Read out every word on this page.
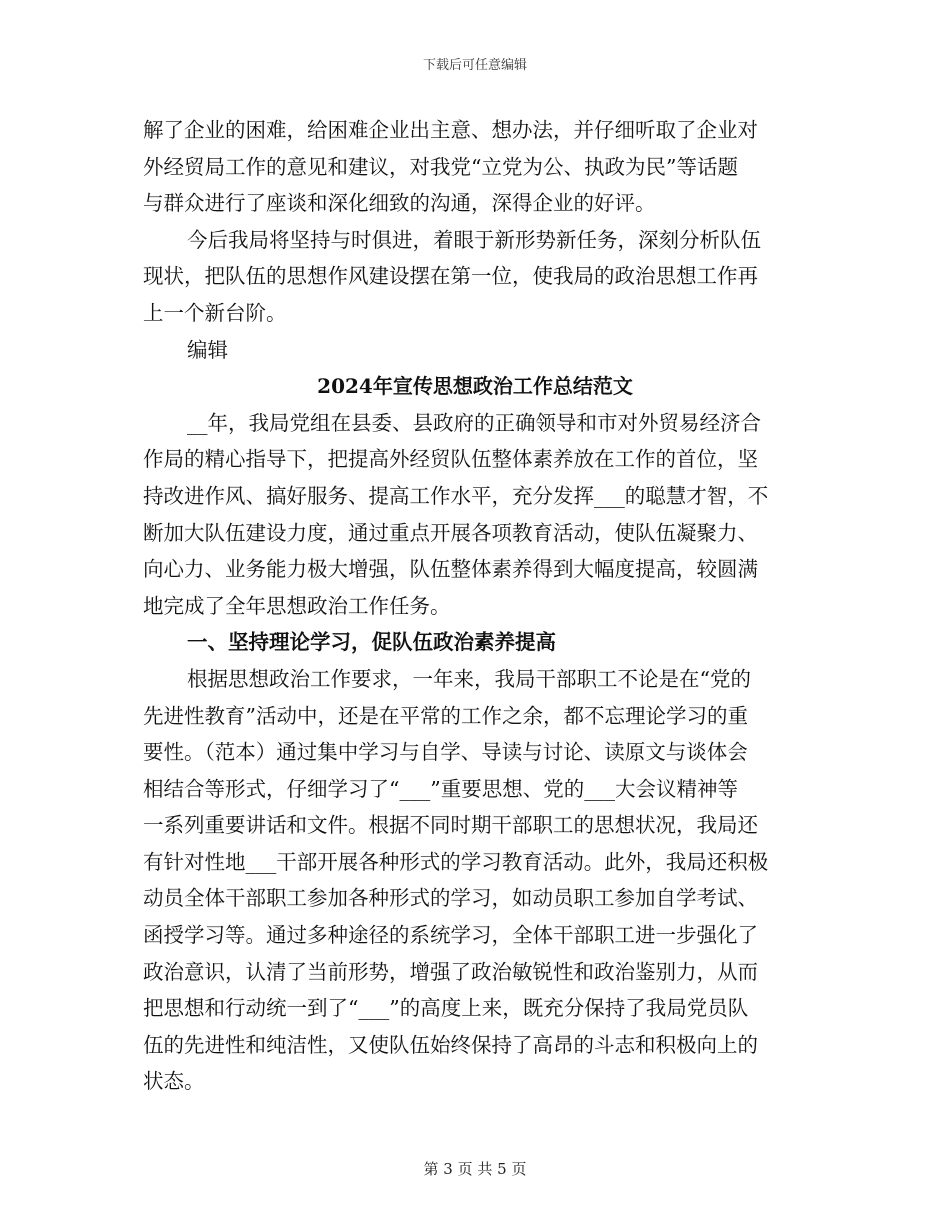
下载后可任意编辑
解了企业的困难，给困难企业出主意、想办法，并仔细听取了企业对
外经贸局工作的意见和建议，对我党“立党为公、执政为民”等话题
与群众进行了座谈和深化细致的沟通，深得企业的好评。
今后我局将坚持与时俱进，着眼于新形势新任务，深刻分析队伍
现状，把队伍的思想作风建设摆在第一位，使我局的政治思想工作再
上一个新台阶。
编辑
2024年宣传思想政治工作总结范文
__年，我局党组在县委、县政府的正确领导和市对外贸易经济合
作局的精心指导下，把提高外经贸队伍整体素养放在工作的首位，坚
持改进作风、搞好服务、提高工作水平，充分发挥___的聪慧才智，不
断加大队伍建设力度，通过重点开展各项教育活动，使队伍凝聚力、
向心力、业务能力极大增强，队伍整体素养得到大幅度提高，较圆满
地完成了全年思想政治工作任务。
一、坚持理论学习，促队伍政治素养提高
根据思想政治工作要求，一年来，我局干部职工不论是在“党的
先进性教育”活动中，还是在平常的工作之余，都不忘理论学习的重
要性。（范本）通过集中学习与自学、导读与讨论、读原文与谈体会
相结合等形式，仔细学习了“___”重要思想、党的___大会议精神等
一系列重要讲话和文件。根据不同时期干部职工的思想状况，我局还
有针对性地___干部开展各种形式的学习教育活动。此外，我局还积极
动员全体干部职工参加各种形式的学习，如动员职工参加自学考试、
函授学习等。通过多种途径的系统学习，全体干部职工进一步强化了
政治意识，认清了当前形势，增强了政治敏锐性和政治鉴别力，从而
把思想和行动统一到了“___”的高度上来，既充分保持了我局党员队
伍的先进性和纯洁性，又使队伍始终保持了高昂的斗志和积极向上的
状态。
第 3 页 共 5 页
